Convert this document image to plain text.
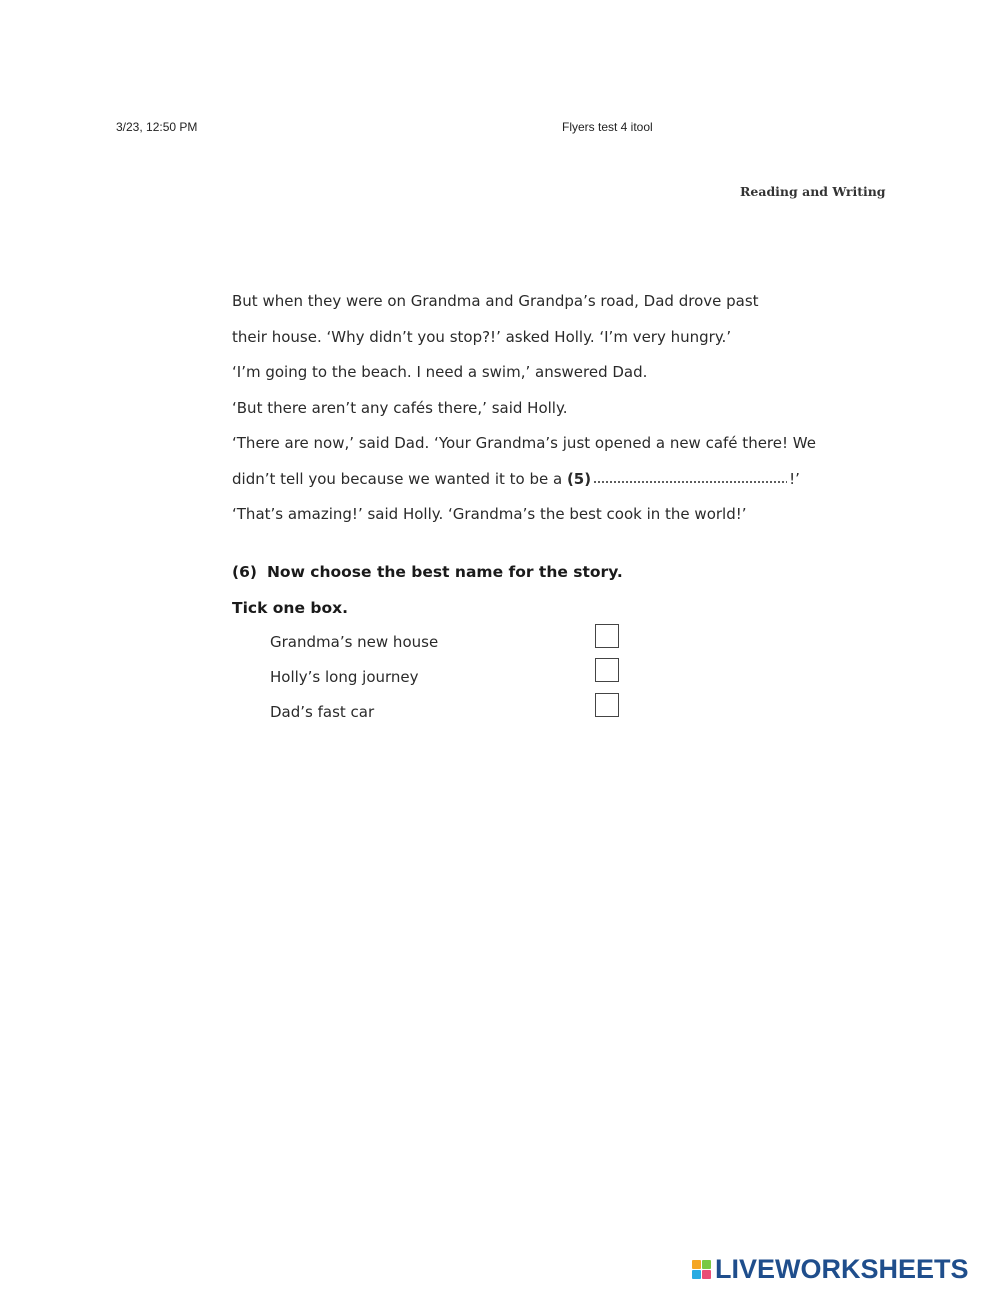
3/23, 12:50 PM	Flyers test 4 itool
Reading and Writing
But when they were on Grandma and Grandpa’s road, Dad drove past
their house. ‘Why didn’t you stop?!’ asked Holly. ‘I’m very hungry.’
‘I’m going to the beach. I need a swim,’ answered Dad.
‘But there aren’t any cafés there,’ said Holly.
‘There are now,’ said Dad. ‘Your Grandma’s just opened a new café there! We
didn’t tell you because we wanted it to be a (5)	!’
‘That’s amazing!’ said Holly. ‘Grandma’s the best cook in the world!’
(6) Now choose the best name for the story.
Tick one box.
Grandma’s new house
Holly’s long journey
Dad’s fast car
LIVEWORKSHEETS
